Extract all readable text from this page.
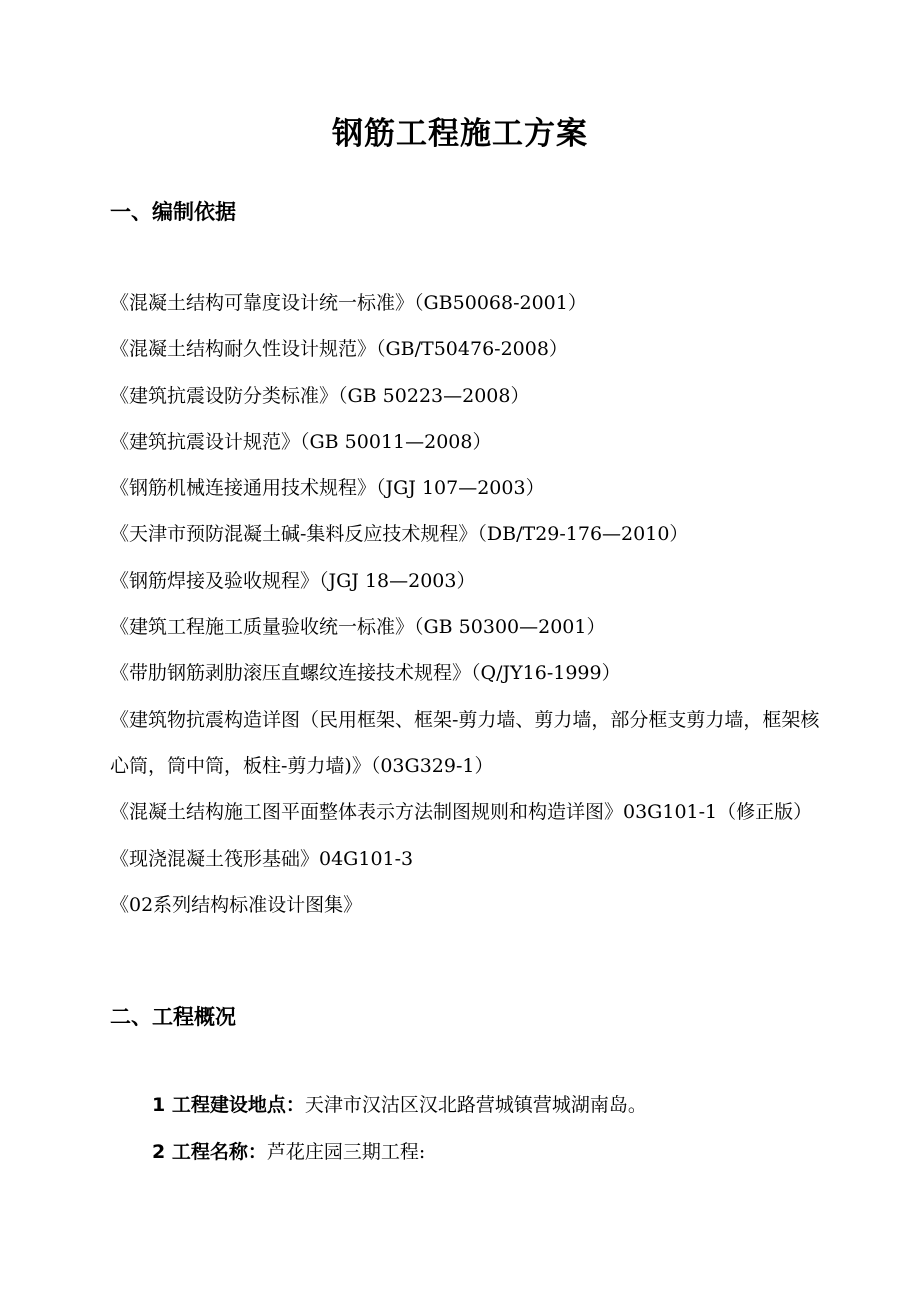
钢筋工程施工方案
一、编制依据
《混凝土结构可靠度设计统一标准》（GB50068-2001）
《混凝土结构耐久性设计规范》（GB/T50476-2008）
《建筑抗震设防分类标准》（GB 50223—2008）
《建筑抗震设计规范》（GB 50011—2008）
《钢筋机械连接通用技术规程》（JGJ 107—2003）
《天津市预防混凝土碱-集料反应技术规程》（DB/T29-176—2010）
《钢筋焊接及验收规程》（JGJ 18—2003）
《建筑工程施工质量验收统一标准》（GB 50300—2001）
《带肋钢筋剥肋滚压直螺纹连接技术规程》（Q/JY16-1999）
《建筑物抗震构造详图（民用框架、框架-剪力墙、剪力墙，部分框支剪力墙，框架核心筒，筒中筒，板柱-剪力墙)》（03G329-1）
《混凝土结构施工图平面整体表示方法制图规则和构造详图》03G101-1（修正版）
《现浇混凝土筏形基础》04G101-3
《02系列结构标准设计图集》
二、工程概况
1 工程建设地点：天津市汉沽区汉北路营城镇营城湖南岛。
2 工程名称：芦花庄园三期工程:
